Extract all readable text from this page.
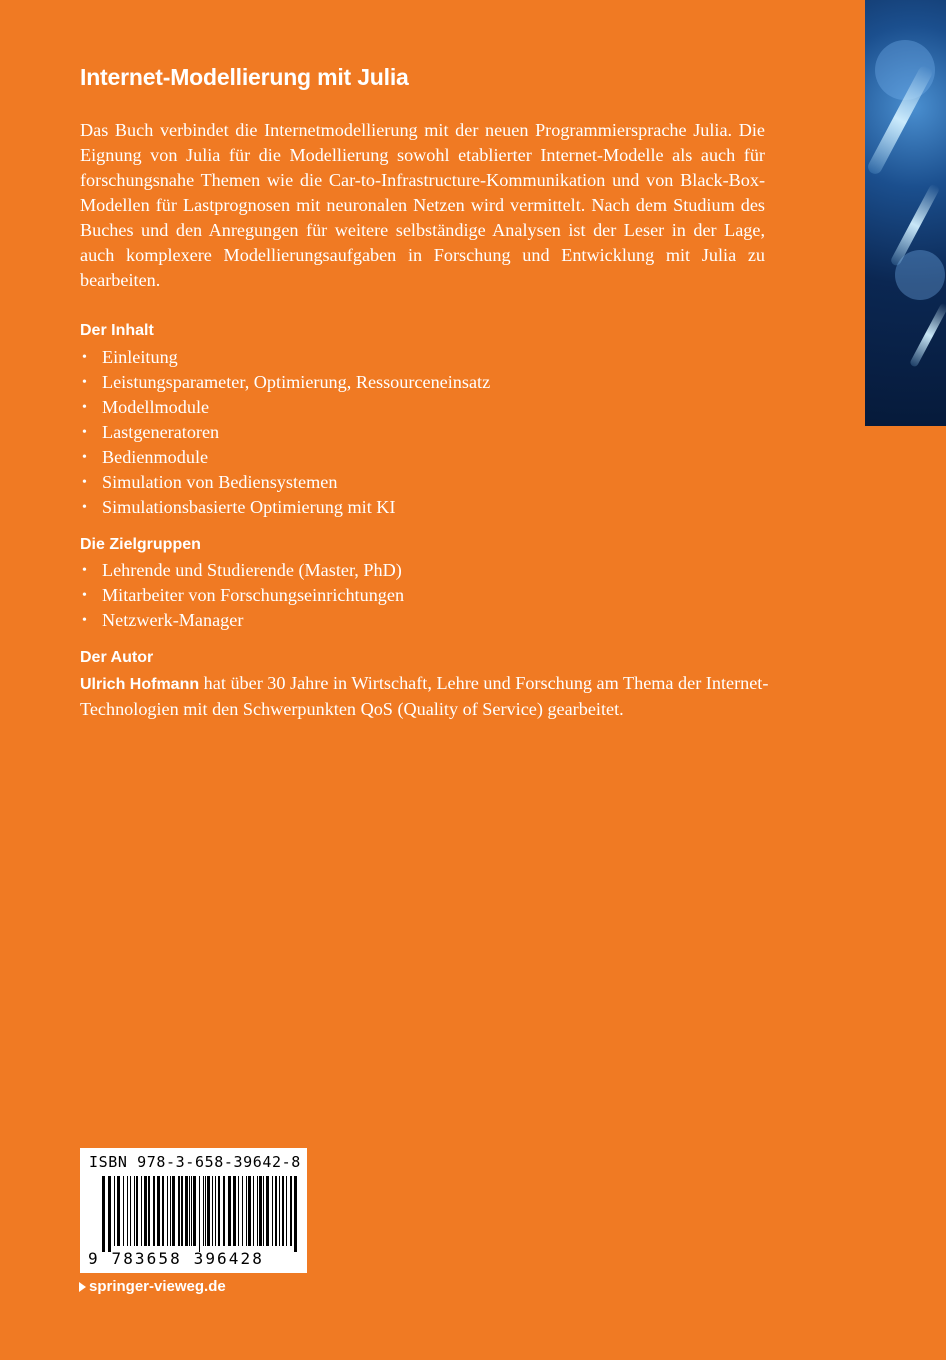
Internet-Modellierung mit Julia

Das Buch verbindet die Internetmodellierung mit der neuen Programmiersprache Julia. Die Eignung von Julia für die Modellierung sowohl etablierter Internet-Modelle als auch für forschungsnahe Themen wie die Car-to-Infrastructure-Kommunikation und von Black-Box-Modellen für Lastprognosen mit neuronalen Netzen wird vermittelt. Nach dem Studium des Buches und den Anregungen für weitere selbständige Analysen ist der Leser in der Lage, auch komplexere Modellierungsaufgaben in Forschung und Entwicklung mit Julia zu bearbeiten.

Der Inhalt
• Einleitung
• Leistungsparameter, Optimierung, Ressourceneinsatz
• Modellmodule
• Lastgeneratoren
• Bedienmodule
• Simulation von Bediensystemen
• Simulationsbasierte Optimierung mit KI
Die Zielgruppen
• Lehrende und Studierende (Master, PhD)
• Mitarbeiter von Forschungseinrichtungen
• Netzwerk-Manager
Der Autor

Ulrich Hofmann hat über 30 Jahre in Wirtschaft, Lehre und Forschung am Thema der Internet-Technologien mit den Schwerpunkten QoS (Quality of Service) gearbeitet.

ISBN 978-3-658-39642-8
9 783658 396428
springer-vieweg.de
